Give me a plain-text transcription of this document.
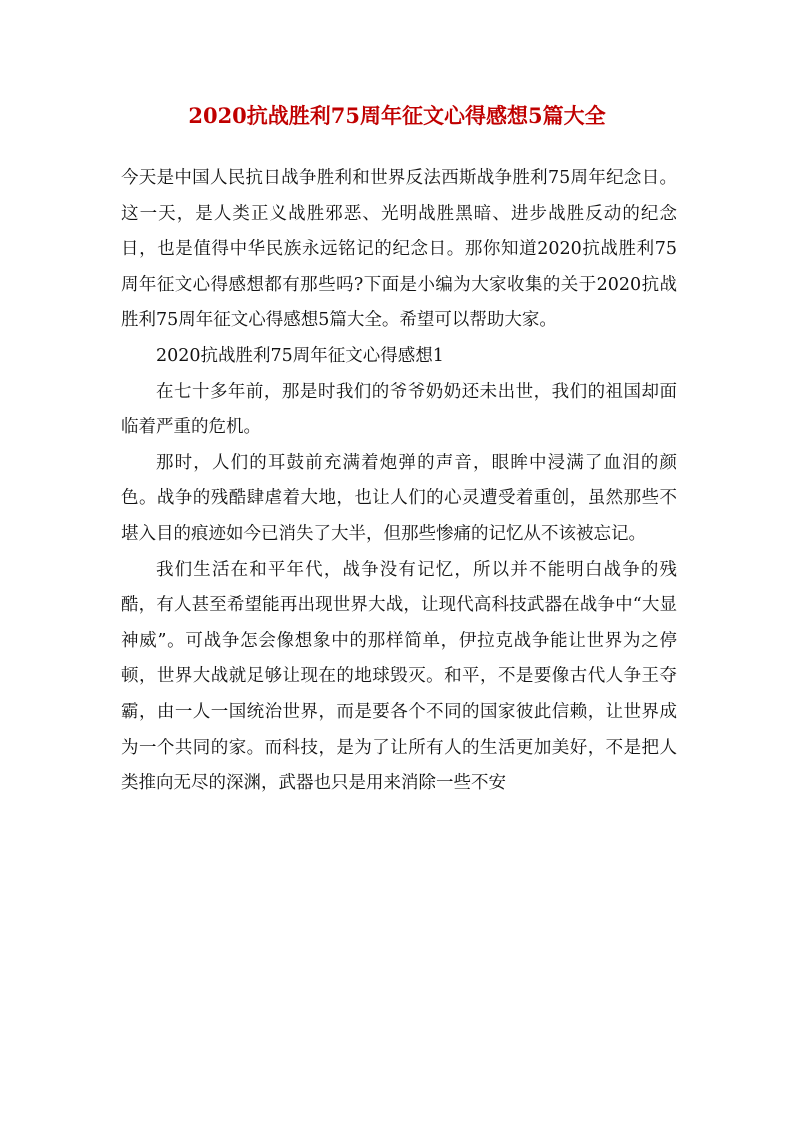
2020抗战胜利75周年征文心得感想5篇大全

今天是中国人民抗日战争胜利和世界反法西斯战争胜利75周年纪念日。这一天，是人类正义战胜邪恶、光明战胜黑暗、进步战胜反动的纪念日，也是值得中华民族永远铭记的纪念日。那你知道2020抗战胜利75周年征文心得感想都有那些吗?下面是小编为大家收集的关于2020抗战胜利75周年征文心得感想5篇大全。希望可以帮助大家。

2020抗战胜利75周年征文心得感想1

在七十多年前，那是时我们的爷爷奶奶还未出世，我们的祖国却面临着严重的危机。

那时，人们的耳鼓前充满着炮弹的声音，眼眸中浸满了血泪的颜色。战争的残酷肆虐着大地，也让人们的心灵遭受着重创，虽然那些不堪入目的痕迹如今已消失了大半，但那些惨痛的记忆从不该被忘记。

我们生活在和平年代，战争没有记忆，所以并不能明白战争的残酷，有人甚至希望能再出现世界大战，让现代高科技武器在战争中“大显神威”。可战争怎会像想象中的那样简单，伊拉克战争能让世界为之停顿，世界大战就足够让现在的地球毁灭。和平，不是要像古代人争王夺霸，由一人一国统治世界，而是要各个不同的国家彼此信赖，让世界成为一个共同的家。而科技，是为了让所有人的生活更加美好，不是把人类推向无尽的深渊，武器也只是用来消除一些不安
